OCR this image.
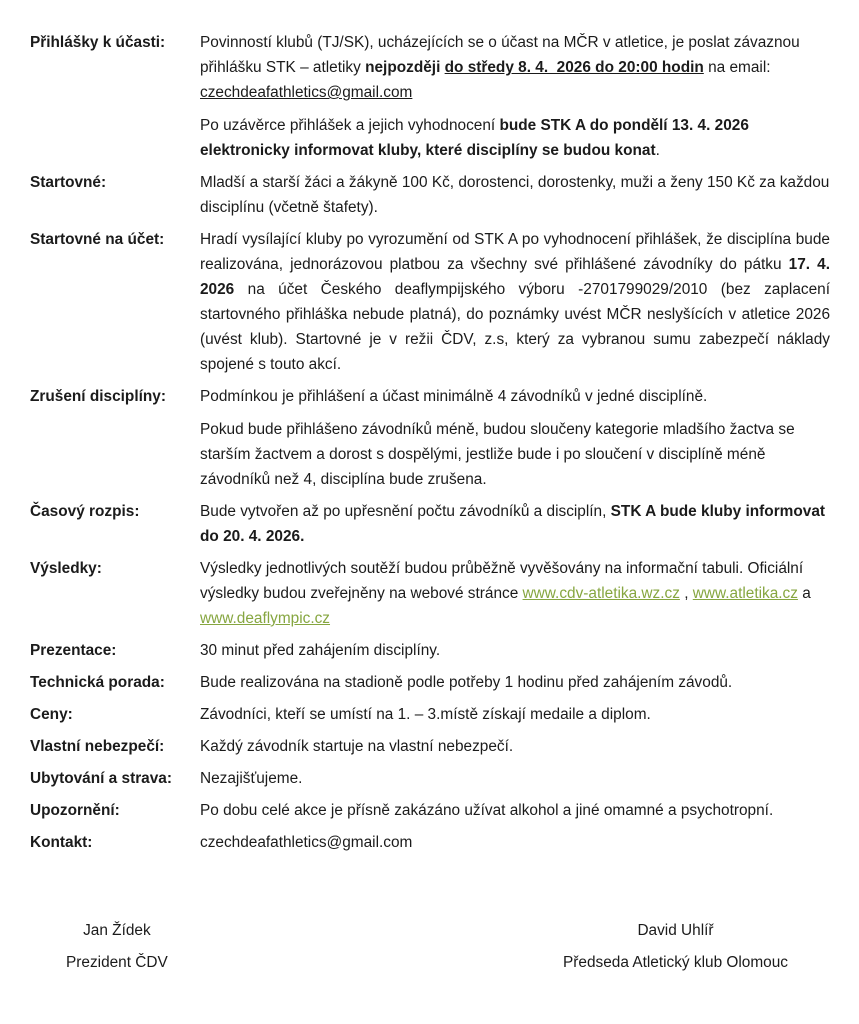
Přihlášky k účasti:	Povinností klubů (TJ/SK), ucházejících se o účast na MČR v atletice, je poslat závaznou přihlášku STK – atletiky nejpozději do středy 8. 4.  2026 do 20:00 hodin na email: czechdeafathletics@gmail.com

Po uzávěrce přihlášek a jejich vyhodnocení bude STK A do pondělí 13. 4. 2026 elektronicky informovat kluby, které disciplíny se budou konat.

Startovné:	Mladší a starší žáci a žákyně 100 Kč, dorostenci, dorostenky, muži a ženy 150 Kč za každou disciplínu (včetně štafety).

Startovné na účet:	Hradí vysílající kluby po vyrozumění od STK A po vyhodnocení přihlášek, že disciplína bude realizována, jednorázovou platbou za všechny své přihlášené závodníky do pátku 17. 4. 2026 na účet Českého deaflympijského výboru -2701799029/2010 (bez zaplacení startovného přihláška nebude platná), do poznámky uvést MČR neslyšících v atletice 2026 (uvést klub). Startovné je v režii ČDV, z.s, který za vybranou sumu zabezpečí náklady spojené s touto akcí.

Zrušení disciplíny:	Podmínkou je přihlášení a účast minimálně 4 závodníků v jedné disciplíně.

Pokud bude přihlášeno závodníků méně, budou sloučeny kategorie mladšího žactva se starším žactvem a dorost s dospělými, jestliže bude i po sloučení v disciplíně méně závodníků než 4, disciplína bude zrušena.

Časový rozpis:	Bude vytvořen až po upřesnění počtu závodníků a disciplín, STK A bude kluby informovat do 20. 4. 2026.

Výsledky:	Výsledky jednotlivých soutěží budou průběžně vyvěšovány na informační tabuli. Oficiální výsledky budou zveřejněny na webové stránce www.cdv-atletika.wz.cz , www.atletika.cz a www.deaflympic.cz

Prezentace:	30 minut před zahájením disciplíny.

Technická porada:	Bude realizována na stadioně podle potřeby 1 hodinu před zahájením závodů.

Ceny:	Závodníci, kteří se umístí na 1. – 3.místě získají medaile a diplom.

Vlastní nebezpečí:	Každý závodník startuje na vlastní nebezpečí.

Ubytování a strava:	Nezajišťujeme.

Upozornění:	Po dobu celé akce je přísně zakázáno užívat alkohol a jiné omamné a psychotropní.

Kontakt:	czechdeafathletics@gmail.com

Jan Žídek
Prezident ČDV
David Uhlíř
Předseda Atletický klub Olomouc
